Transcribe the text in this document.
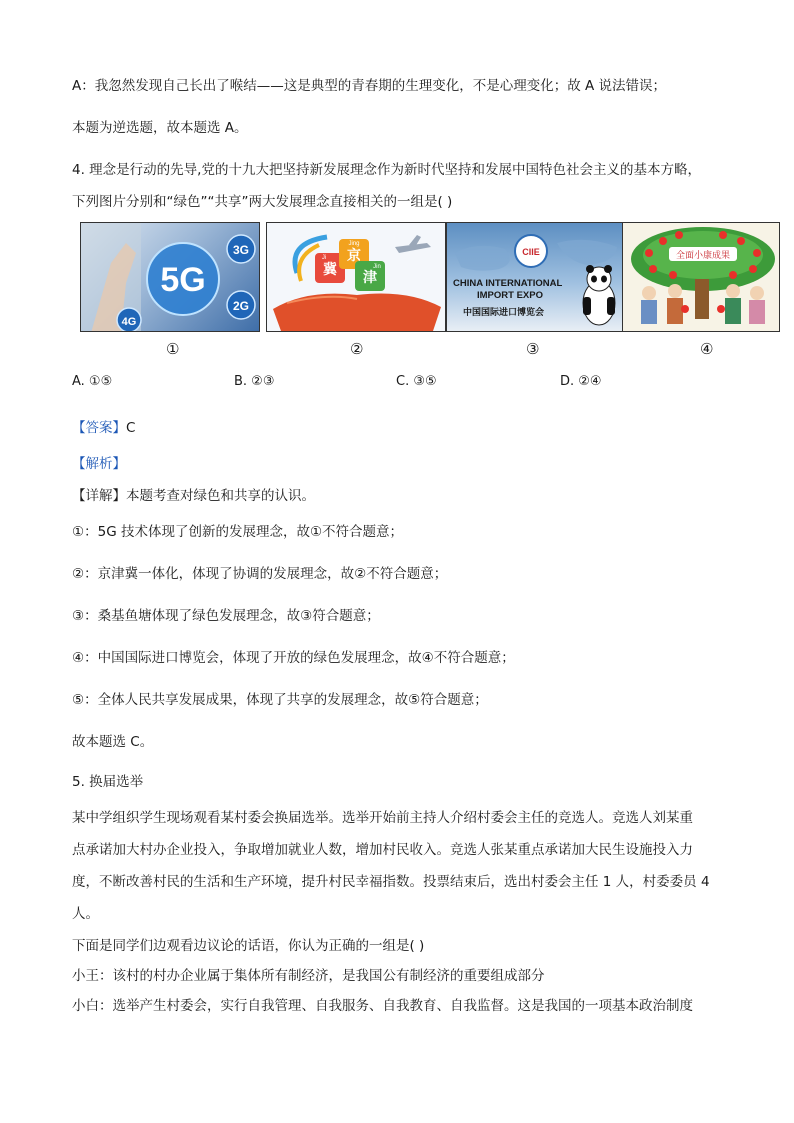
A：我忽然发现自己长出了喉结——这是典型的青春期的生理变化，不是心理变化；故 A 说法错误；
本题为逆选题，故本题选 A。
4. 理念是行动的先导,党的十九大把坚持新发展理念作为新时代坚持和发展中国特色社会主义的基本方略，
下列图片分别和“绿色”“共享”两大发展理念直接相关的一组是( )
5G
3G
2G
4G
冀
京
津
Jing
Ji
Jin
CIIE
CHINA INTERNATIONAL
IMPORT EXPO
中国国际进口博览会
全面小康成果
①	②	③	④
A. ①⑤	B. ②③	C. ③⑤	D. ②④
【答案】C
【解析】
【详解】本题考查对绿色和共享的认识。
①：5G 技术体现了创新的发展理念，故①不符合题意；
②：京津冀一体化，体现了协调的发展理念，故②不符合题意；
③：桑基鱼塘体现了绿色发展理念，故③符合题意；
④：中国国际进口博览会，体现了开放的绿色发展理念，故④不符合题意；
⑤：全体人民共享发展成果，体现了共享的发展理念，故⑤符合题意；
故本题选 C。
5. 换届选举
某中学组织学生现场观看某村委会换届选举。选举开始前主持人介绍村委会主任的竞选人。竞选人刘某重
点承诺加大村办企业投入，争取增加就业人数，增加村民收入。竞选人张某重点承诺加大民生设施投入力
度，不断改善村民的生活和生产环境，提升村民幸福指数。投票结束后，选出村委会主任 1 人，村委委员 4
人。
下面是同学们边观看边议论的话语，你认为正确的一组是( )
小王：该村的村办企业属于集体所有制经济，是我国公有制经济的重要组成部分
小白：选举产生村委会，实行自我管理、自我服务、自我教育、自我监督。这是我国的一项基本政治制度
